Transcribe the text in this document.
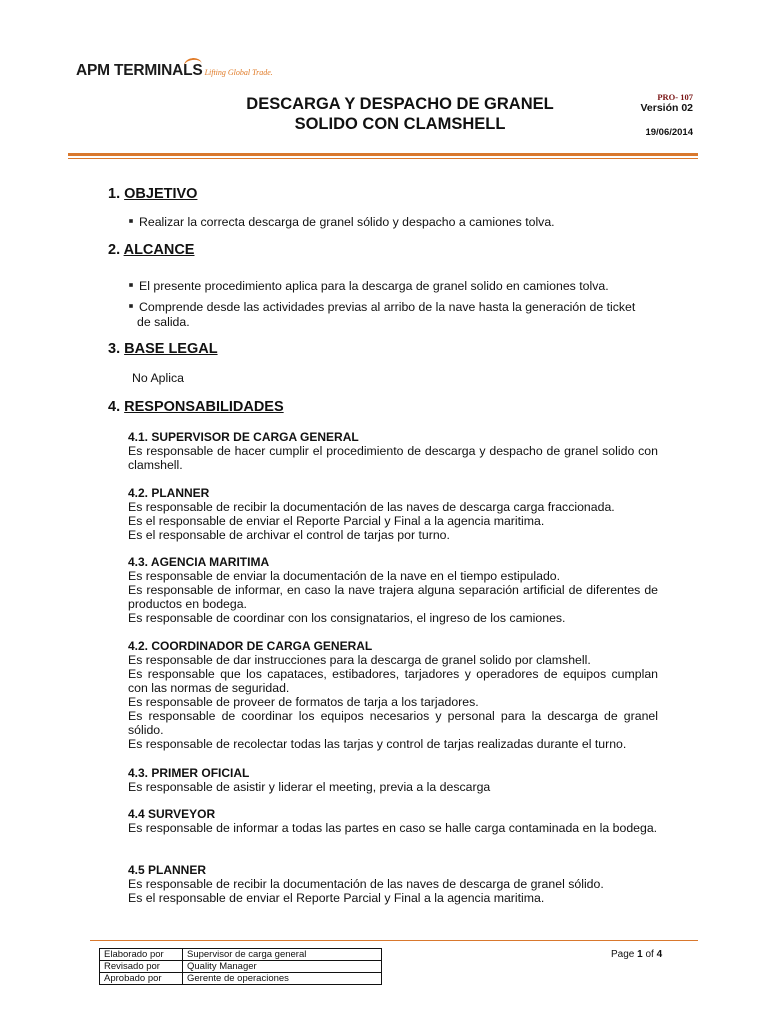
APM TERMINALS Lifting Global Trade.
DESCARGA Y DESPACHO DE GRANEL
SOLIDO CON CLAMSHELL
PRO- 107
Versión 02
19/06/2014
1. OBJETIVO
Realizar la correcta descarga de granel sólido y despacho a camiones tolva.
2. ALCANCE
El presente procedimiento aplica para la descarga de granel solido en camiones tolva.
Comprende desde las actividades previas al arribo de la nave hasta la generación de ticket
de salida.
3. BASE LEGAL
No Aplica
4. RESPONSABILIDADES
4.1. SUPERVISOR DE CARGA GENERAL
Es responsable de hacer cumplir el procedimiento de descarga y despacho de granel solido con clamshell.
4.2. PLANNER
Es responsable de recibir la documentación de las naves de descarga carga fraccionada.
Es el responsable de enviar el Reporte Parcial y Final a la agencia maritima.
Es el responsable de archivar el control de tarjas por turno.
4.3. AGENCIA MARITIMA
Es responsable de enviar la documentación de la nave en el tiempo estipulado.
Es responsable de informar, en caso la nave trajera alguna separación artificial de diferentes de productos en bodega.
Es responsable de coordinar con los consignatarios, el ingreso de los camiones.
4.2. COORDINADOR DE CARGA GENERAL
Es responsable de dar instrucciones para la descarga de granel solido por clamshell.
Es responsable que los capataces, estibadores, tarjadores y operadores de equipos cumplan con las normas de seguridad.
Es responsable de proveer de formatos de tarja a los tarjadores.
Es responsable de coordinar los equipos necesarios y personal para la descarga de granel sólido.
Es responsable de recolectar todas las tarjas y control de tarjas realizadas durante el turno.
4.3. PRIMER OFICIAL
Es responsable de asistir y liderar el meeting, previa a la descarga
4.4 SURVEYOR
Es responsable de informar a todas las partes en caso se halle carga contaminada en la bodega.
4.5 PLANNER
Es responsable de recibir la documentación de las naves de descarga de granel sólido.
Es el responsable de enviar el Reporte Parcial y Final a la agencia maritima.
Elaborado por	Supervisor de carga general
Revisado por	Quality Manager
Aprobado por	Gerente de operaciones
Page 1 of 4
